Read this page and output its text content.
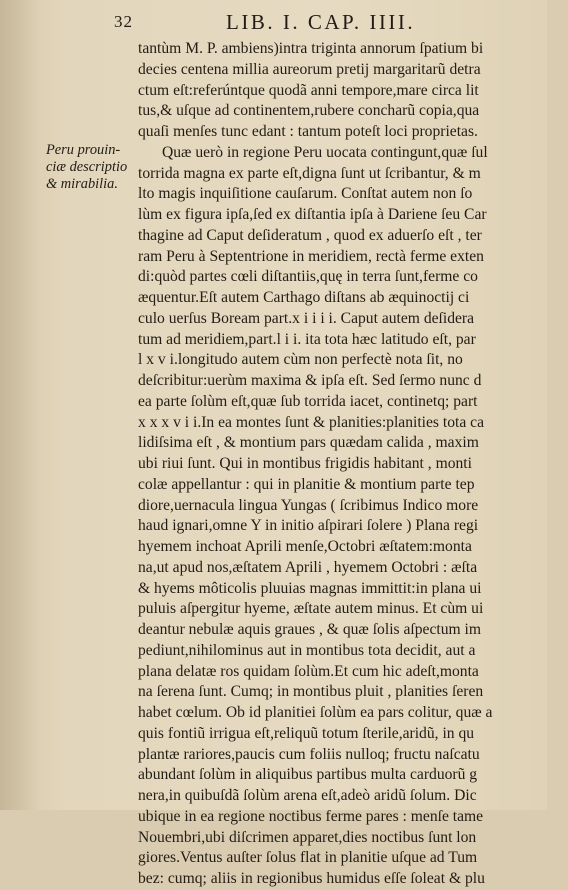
32	LIB. I. CAP. IIII.
Peru prouin-
ciæ descriptio
& mirabilia.
tantùm M. P. ambiens)intra triginta annorum ſpatium bi
decies centena millia aureorum pretij margaritarũ detra
ctum eſt:referúntque quodã anni tempore,mare circa lit
tus,& uſque ad continentem,rubere concharũ copia,qua
quaſi menſes tunc edant : tantum poteſt loci proprietas.
Quæ uerò in regione Peru uocata contingunt,quæ ſul
torrida magna ex parte eſt,digna ſunt ut ſcribantur, & m
lto magis inquiſitione cauſarum. Conſtat autem non ſo
lùm ex figura ipſa,ſed ex diſtantia ipſa à Dariene ſeu Car
thagine ad Caput deſideratum , quod ex aduerſo eſt , ter
ram Peru à Septentrione in meridiem, rectà ferme exten
di:quòd partes cœli diſtantiis,quę in terra ſunt,ferme co
æquentur.Eſt autem Carthago diſtans ab æquinoctij ci
culo uerſus Boream part.x i i i i. Caput autem deſidera
tum ad meridiem,part.l i i. ita tota hæc latitudo eſt, par
l x v i.longitudo autem cùm non perfectè nota ſit, no
deſcribitur:uerùm maxima & ipſa eſt. Sed ſermo nunc d
ea parte ſolùm eſt,quæ ſub torrida iacet, continetq; part
x x x v i i.In ea montes ſunt & planities:planities tota ca
lidiſsima eſt , & montium pars quædam calida , maxim
ubi riui ſunt. Qui in montibus frigidis habitant , monti
colæ appellantur : qui in planitie & montium parte tep
diore,uernacula lingua Yungas ( ſcribimus Indico more
haud ignari,omne Y in initio aſpirari ſolere ) Plana regi
hyemem inchoat Aprili menſe,Octobri æſtatem:monta
na,ut apud nos,æſtatem Aprili , hyemem Octobri : æſta
& hyems môticolis pluuias magnas immittit:in plana ui
puluis aſpergitur hyeme, æſtate autem minus. Et cùm ui
deantur nebulæ aquis graues , & quæ ſolis aſpectum im
pediunt,nihilominus aut in montibus tota decidit, aut a
plana delatæ ros quidam ſolùm.Et cum hic adeſt,monta
na ſerena ſunt. Cumq; in montibus pluit , planities ſeren
habet cœlum. Ob id planitiei ſolùm ea pars colitur, quæ a
quis fontiũ irrigua eſt,reliquũ totum ſterile,aridũ, in qu
plantæ rariores,paucis cum foliis nulloq; fructu naſcatu
abundant ſolùm in aliquibus partibus multa carduorũ g
nera,in quibuſdã ſolùm arena eſt,adeò aridũ ſolum. Dic
ubique in ea regione noctibus ferme pares : menſe tame
Nouembri,ubi diſcrimen apparet,dies noctibus ſunt lon
giores.Ventus auſter ſolus flat in planitie uſque ad Tum
bez: cumq; aliis in regionibus humidus eſſe ſoleat & plu
